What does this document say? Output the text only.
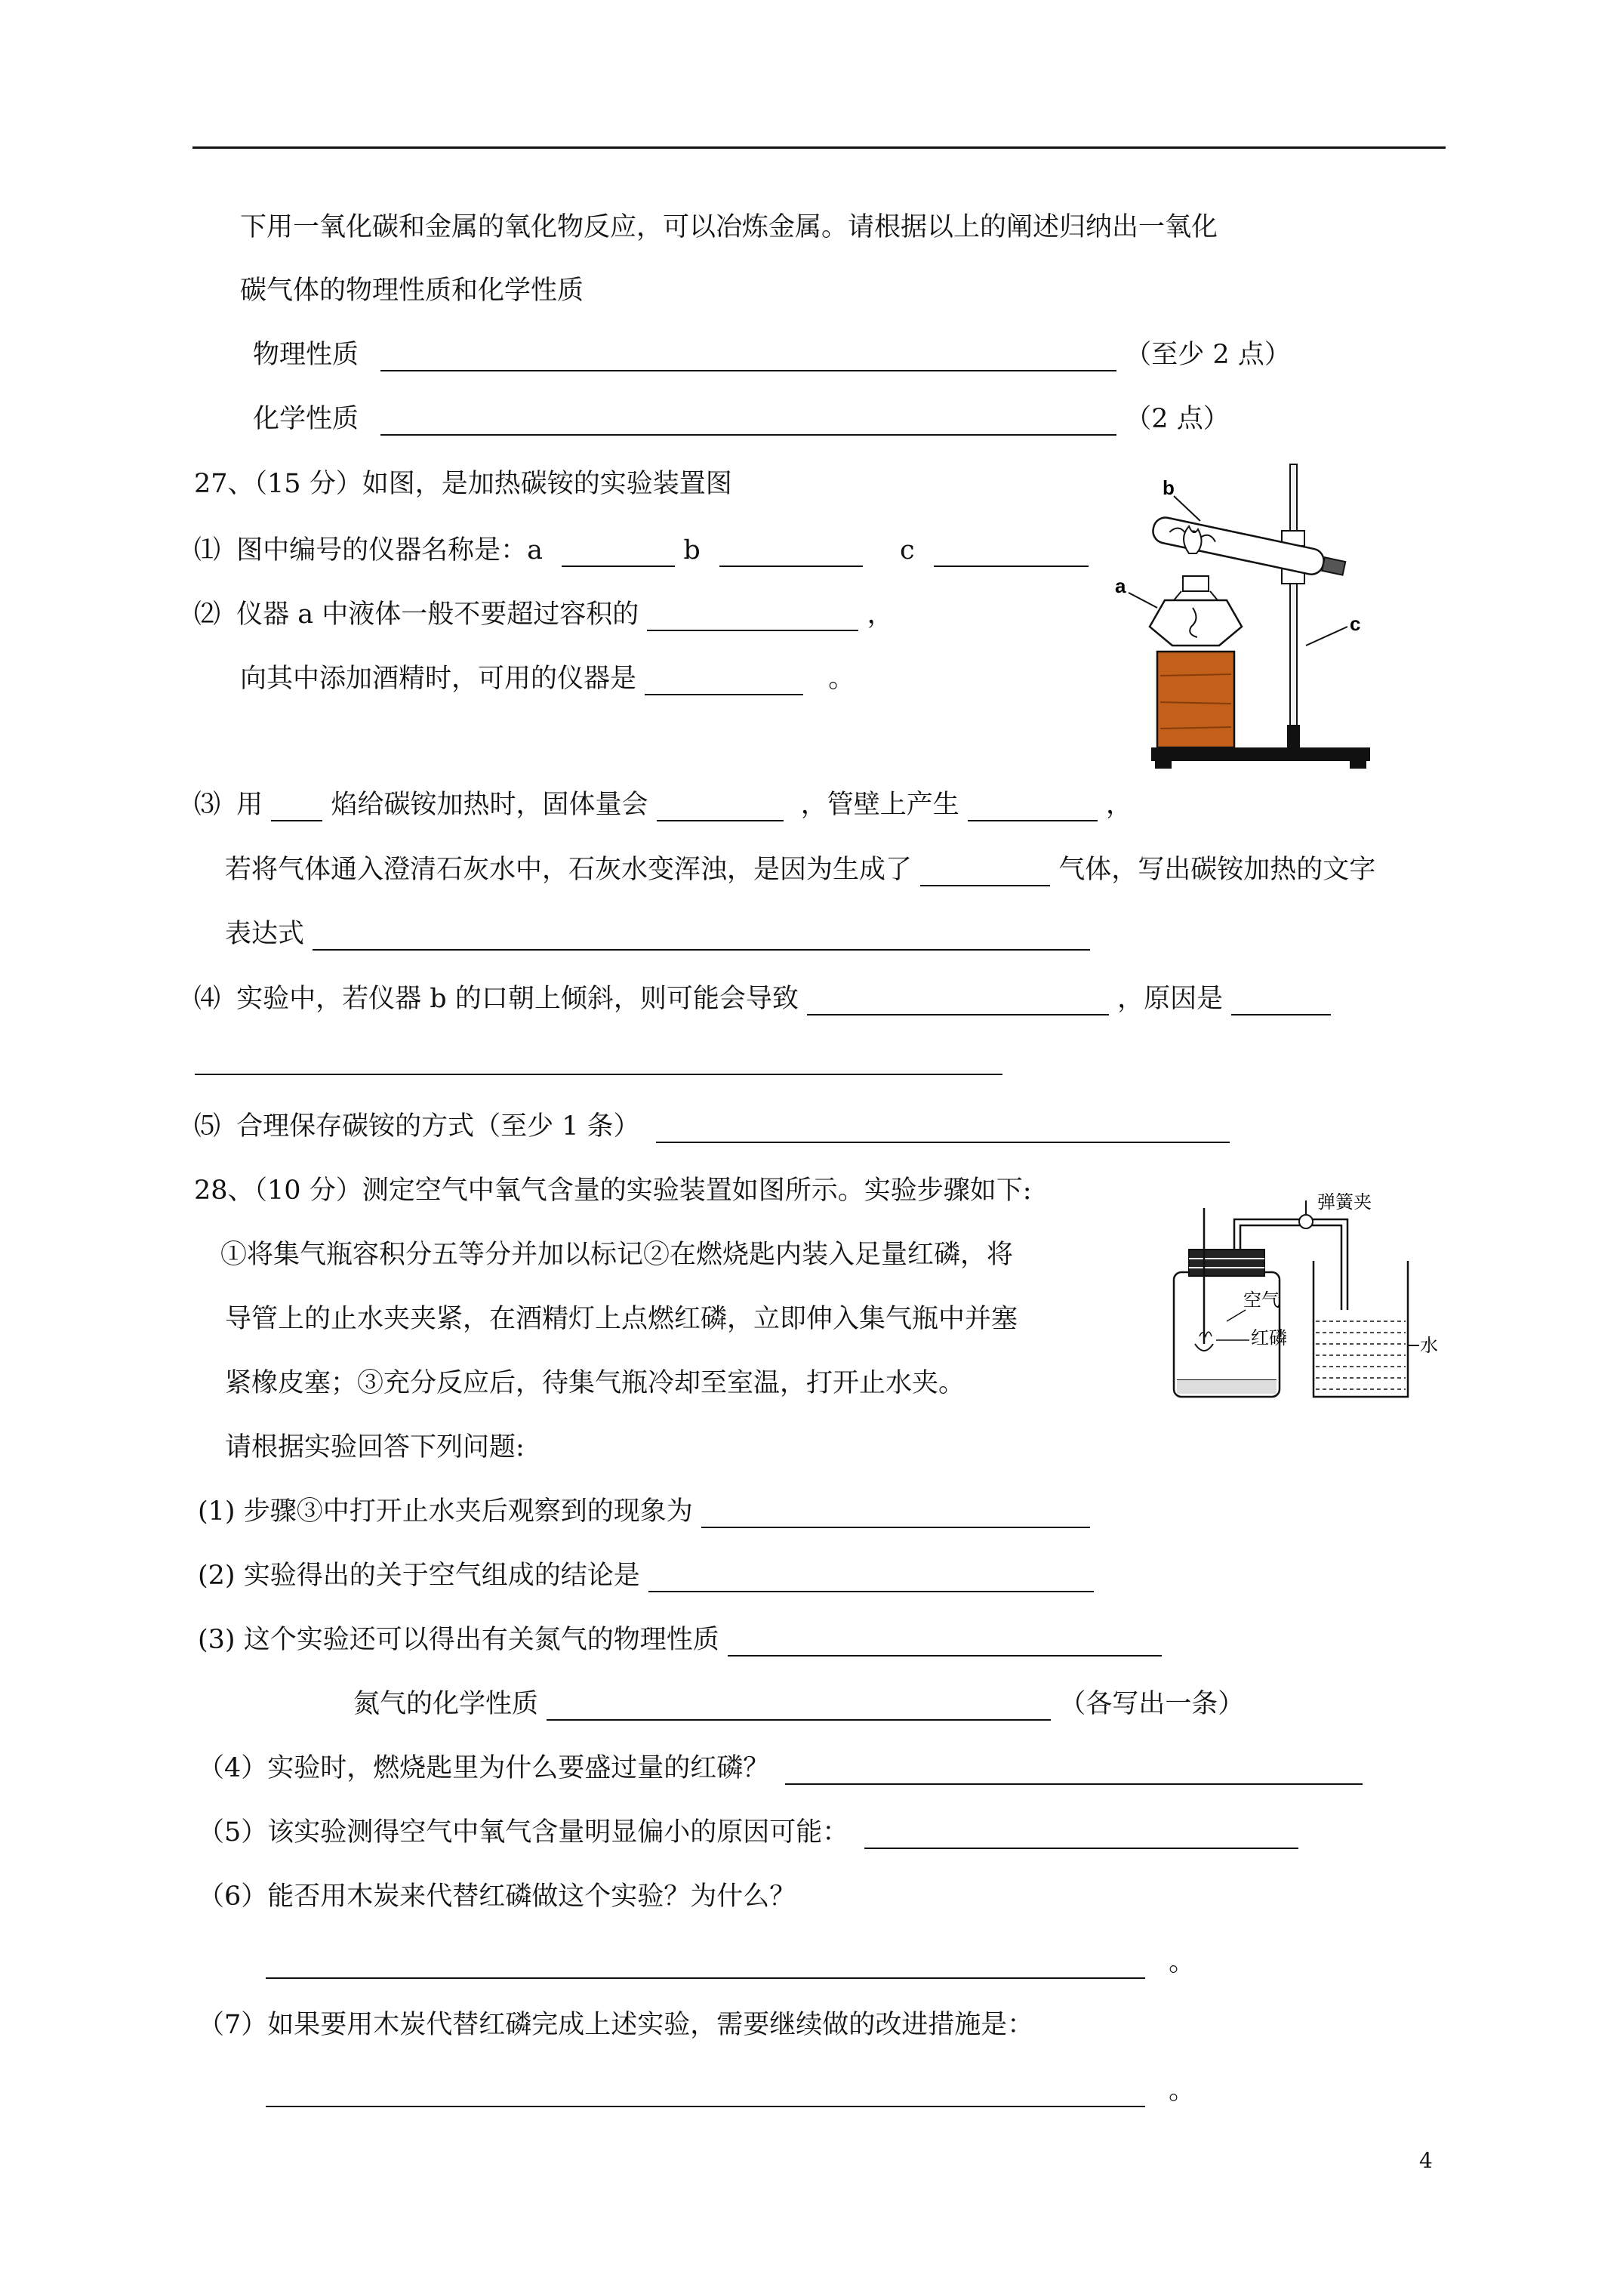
下用一氧化碳和金属的氧化物反应，可以冶炼金属。请根据以上的阐述归纳出一氧化
碳气体的物理性质和化学性质
物理性质	（至少 2 点）
化学性质	（2 点）
27、（15 分）如图，是加热碳铵的实验装置图
⑴ 图中编号的仪器名称是：a	b	c
⑵ 仪器 a 中液体一般不要超过容积的	，
向其中添加酒精时，可用的仪器是	。
⑶ 用	焰给碳铵加热时，固体量会	，管壁上产生	，
若将气体通入澄清石灰水中，石灰水变浑浊，是因为生成了	气体，写出碳铵加热的文字
表达式
⑷ 实验中，若仪器 b 的口朝上倾斜，则可能会导致	，原因是
⑸ 合理保存碳铵的方式（至少 1 条）
b
a
c
28、（10 分）测定空气中氧气含量的实验装置如图所示。实验步骤如下:
①将集气瓶容积分五等分并加以标记②在燃烧匙内装入足量红磷，将
导管上的止水夹夹紧，在酒精灯上点燃红磷，立即伸入集气瓶中并塞
紧橡皮塞；③充分反应后，待集气瓶冷却至室温，打开止水夹。
请根据实验回答下列问题:
(1) 步骤③中打开止水夹后观察到的现象为
(2) 实验得出的关于空气组成的结论是
(3) 这个实验还可以得出有关氮气的物理性质
氮气的化学性质	（各写出一条）
（4）实验时，燃烧匙里为什么要盛过量的红磷？
（5）该实验测得空气中氧气含量明显偏小的原因可能：
（6）能否用木炭来代替红磷做这个实验？为什么？
。
（7）如果要用木炭代替红磷完成上述实验，需要继续做的改进措施是：
。
弹簧夹
空气
红磷	水
4
